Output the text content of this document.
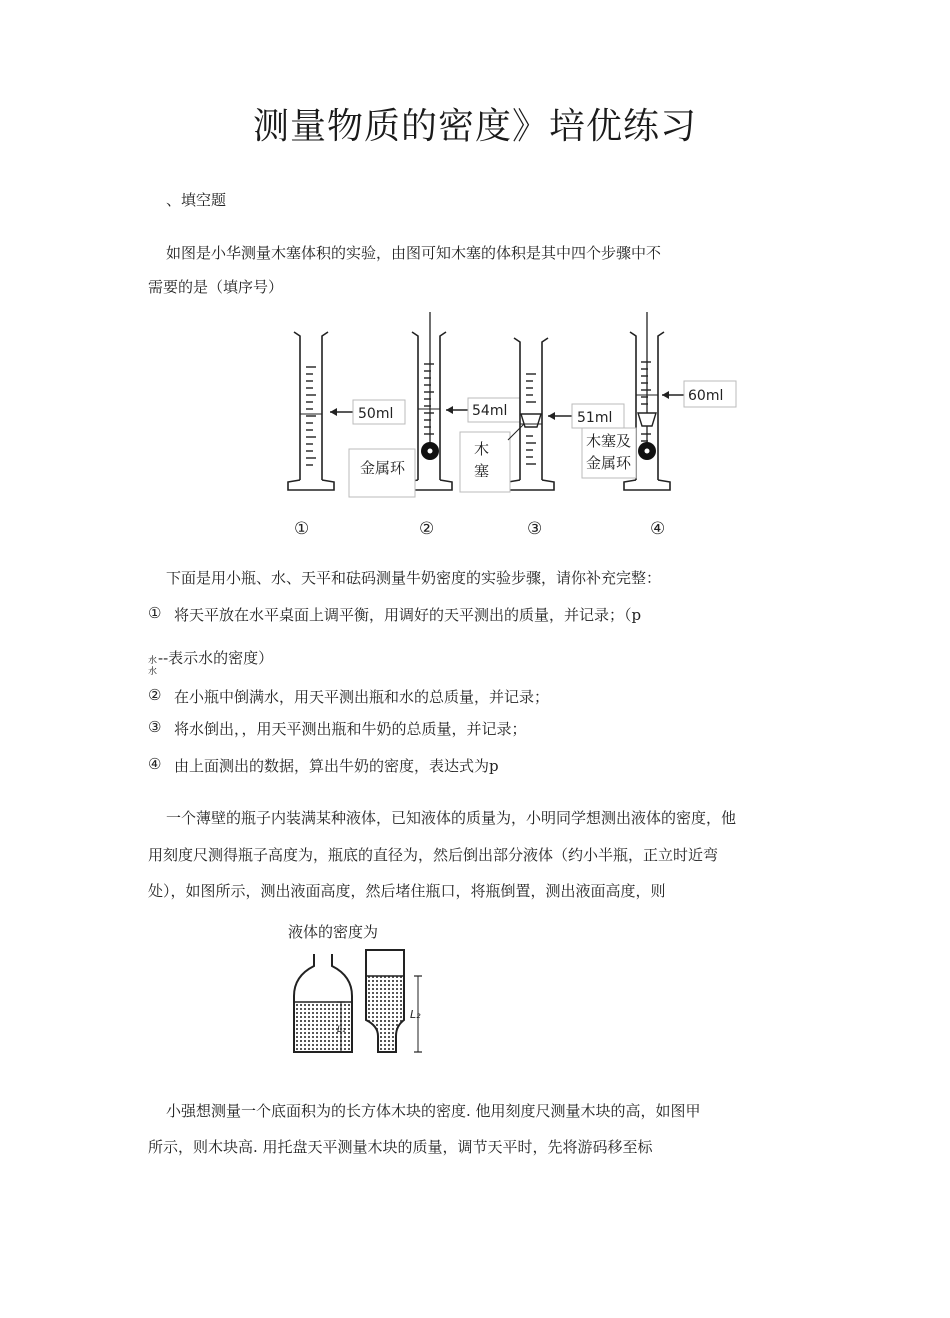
测量物质的密度》培优练习
、填空题
如图是小华测量木塞体积的实验，由图可知木塞的体积是其中四个步骤中不
需要的是（填序号）
50ml	54ml
金属环
51ml
木
塞
60ml
木塞及
金属环
①	②	③	④
下面是用小瓶、水、天平和砝码测量牛奶密度的实验步骤，请你补充完整：
① 将天平放在水平桌面上调平衡，用调好的天平测出的质量，并记录；（p
水 --表示水的密度）
水
② 在小瓶中倒满水，用天平测出瓶和水的总质量，并记录；
③ 将水倒出，，用天平测出瓶和牛奶的总质量，并记录；
④ 由上面测出的数据，算出牛奶的密度，表达式为p
一个薄壁的瓶子内装满某种液体，已知液体的质量为，小明同学想测出液体的密度，他
用刻度尺测得瓶子高度为，瓶底的直径为，然后倒出部分液体（约小半瓶，正立时近弯
处），如图所示，测出液面高度，然后堵住瓶口，将瓶倒置，测出液面高度，则
液体的密度为
L₁
L₂
小强想测量一个底面积为的长方体木块的密度. 他用刻度尺测量木块的高，如图甲
所示，则木块高. 用托盘天平测量木块的质量，调节天平时，先将游码移至标
